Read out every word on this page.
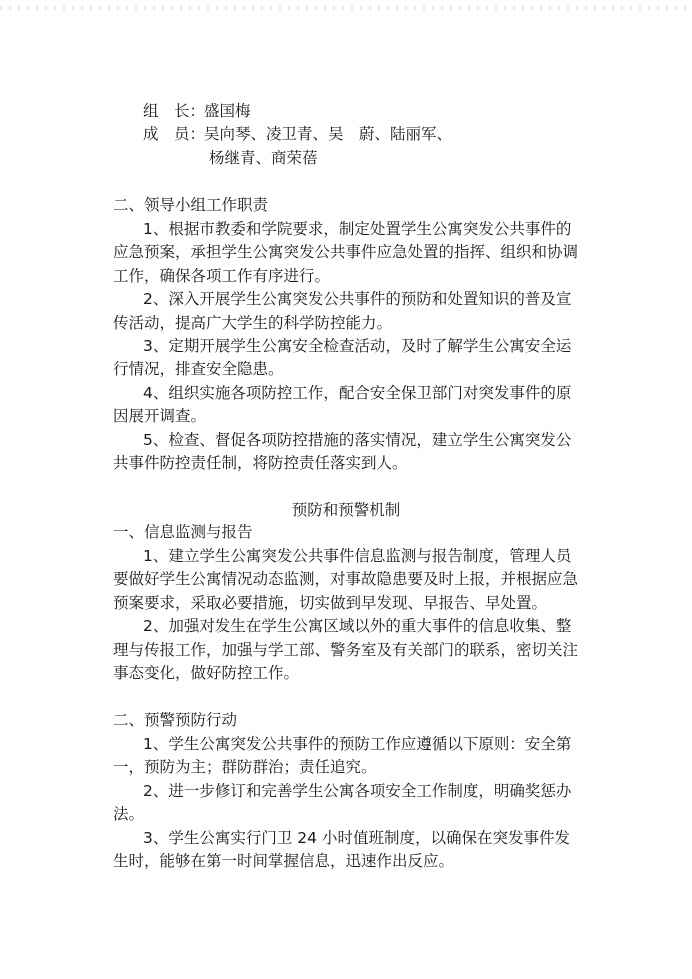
组　长：盛国梅
成　员：吴向琴、凌卫青、吴　蔚、陆丽军、
杨继青、商荣蓓
二、领导小组工作职责
1、根据市教委和学院要求，制定处置学生公寓突发公共事件的
应急预案，承担学生公寓突发公共事件应急处置的指挥、组织和协调
工作，确保各项工作有序进行。
2、深入开展学生公寓突发公共事件的预防和处置知识的普及宣
传活动，提高广大学生的科学防控能力。
3、定期开展学生公寓安全检查活动，及时了解学生公寓安全运
行情况，排查安全隐患。
4、组织实施各项防控工作，配合安全保卫部门对突发事件的原
因展开调查。
5、检查、督促各项防控措施的落实情况，建立学生公寓突发公
共事件防控责任制，将防控责任落实到人。
预防和预警机制
一、信息监测与报告
1、建立学生公寓突发公共事件信息监测与报告制度，管理人员
要做好学生公寓情况动态监测，对事故隐患要及时上报，并根据应急
预案要求，采取必要措施，切实做到早发现、早报告、早处置。
2、加强对发生在学生公寓区域以外的重大事件的信息收集、整
理与传报工作，加强与学工部、警务室及有关部门的联系，密切关注
事态变化，做好防控工作。
二、预警预防行动
1、学生公寓突发公共事件的预防工作应遵循以下原则：安全第
一，预防为主；群防群治；责任追究。
2、进一步修订和完善学生公寓各项安全工作制度，明确奖惩办
法。
3、学生公寓实行门卫 24 小时值班制度，以确保在突发事件发
生时，能够在第一时间掌握信息，迅速作出反应。
